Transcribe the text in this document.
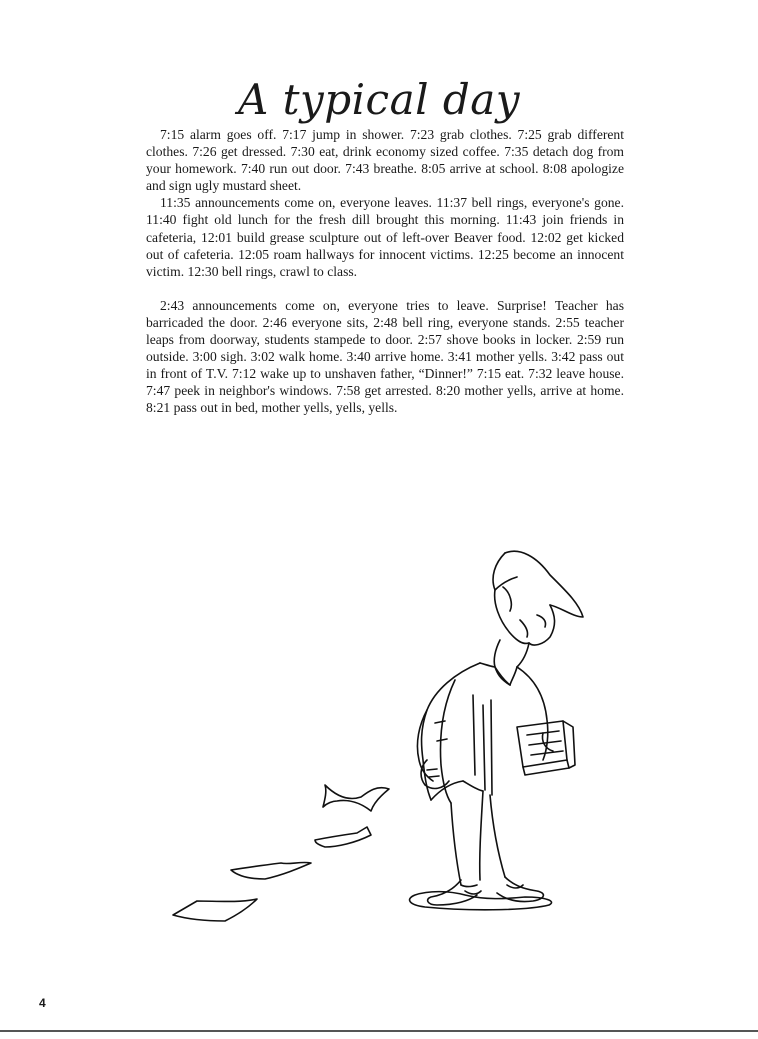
A typical day

7:15 alarm goes off. 7:17 jump in shower. 7:23 grab clothes. 7:25 grab different clothes. 7:26 get dressed. 7:30 eat, drink economy sized coffee. 7:35 detach dog from your homework. 7:40 run out door. 7:43 breathe. 8:05 arrive at school. 8:08 apologize and sign ugly mustard sheet.

11:35 announcements come on, everyone leaves. 11:37 bell rings, everyone's gone. 11:40 fight old lunch for the fresh dill brought this morning. 11:43 join friends in cafeteria, 12:01 build grease sculpture out of left-over Beaver food. 12:02 get kicked out of cafeteria. 12:05 roam hallways for innocent victims. 12:25 become an innocent victim. 12:30 bell rings, crawl to class.

2:43 announcements come on, everyone tries to leave. Surprise! Teacher has barricaded the door. 2:46 everyone sits, 2:48 bell ring, everyone stands. 2:55 teacher leaps from doorway, students stampede to door. 2:57 shove books in locker. 2:59 run outside. 3:00 sigh. 3:02 walk home. 3:40 arrive home. 3:41 mother yells. 3:42 pass out in front of T.V. 7:12 wake up to unshaven father, “Dinner!” 7:15 eat. 7:32 leave house. 7:47 peek in neighbor's windows. 7:58 get arrested. 8:20 mother yells, arrive at home. 8:21 pass out in bed, mother yells, yells, yells.

4
